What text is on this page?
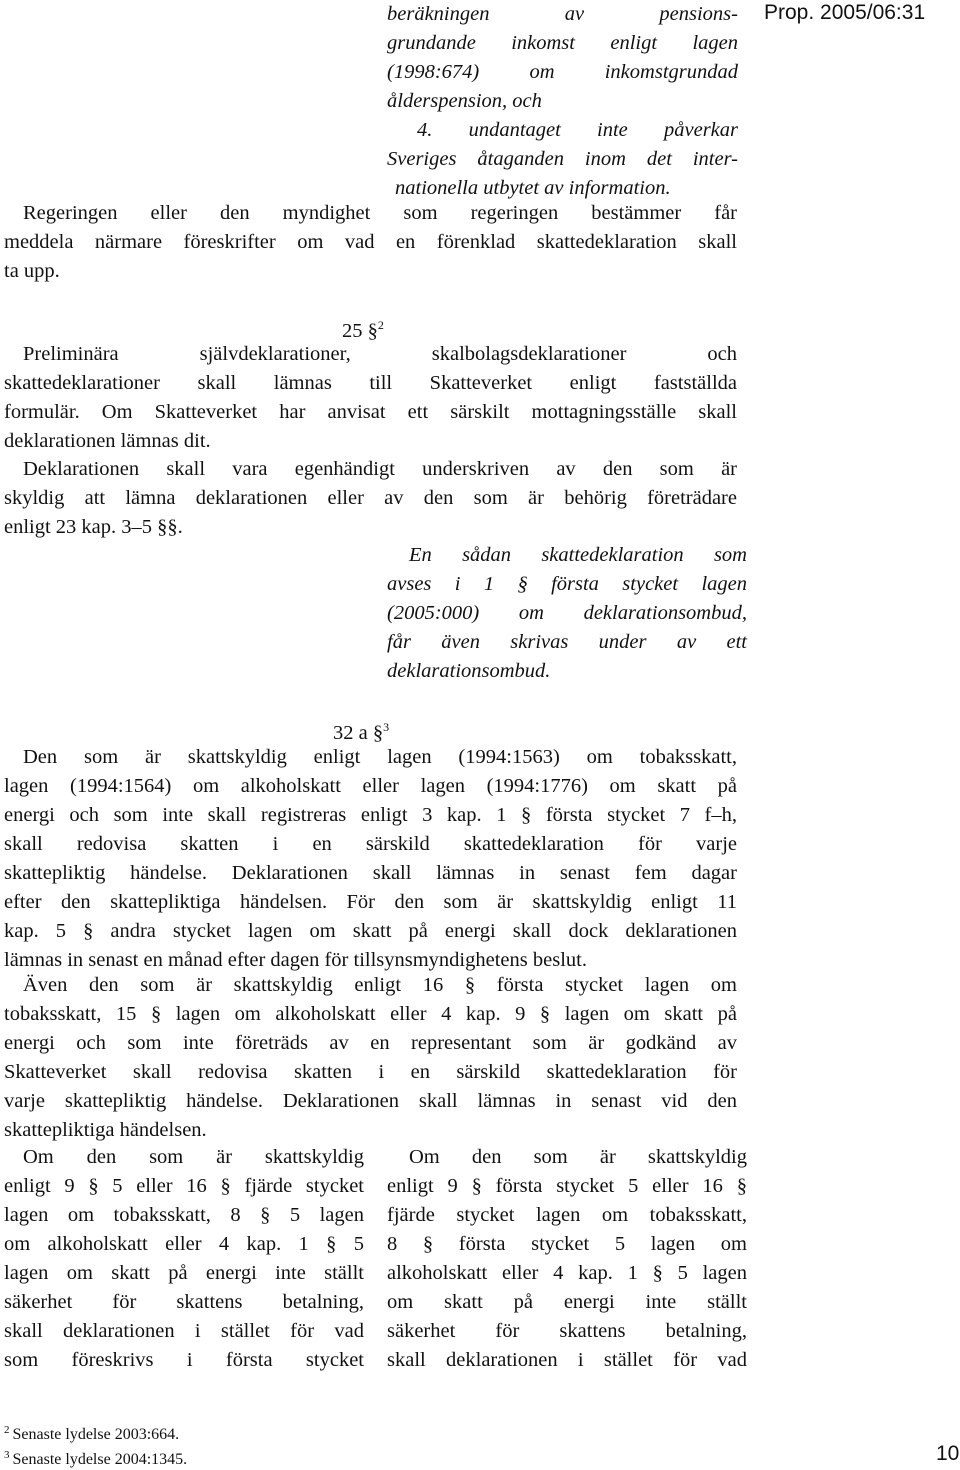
Prop. 2005/06:31
beräkningen av pensions-
grundande inkomst enligt lagen
(1998:674) om inkomstgrundad
ålderspension, och
4. undantaget inte påverkar
Sveriges åtaganden inom det inter-
nationella utbytet av information.
Regeringen eller den myndighet som regeringen bestämmer får
meddela närmare föreskrifter om vad en förenklad skattedeklaration skall
ta upp.
25 §$^2$
Preliminära självdeklarationer, skalbolagsdeklarationer och
skattedeklarationer skall lämnas till Skatteverket enligt fastställda
formulär. Om Skatteverket har anvisat ett särskilt mottagningsställe skall
deklarationen lämnas dit.
Deklarationen skall vara egenhändigt underskriven av den som är
skyldig att lämna deklarationen eller av den som är behörig företrädare
enligt 23 kap. 3–5 §§.
En sådan skattedeklaration som
avses i 1 § första stycket lagen
(2005:000) om deklarationsombud,
får även skrivas under av ett
deklarationsombud.
32 a §$^3$
Den som är skattskyldig enligt lagen (1994:1563) om tobaksskatt,
lagen (1994:1564) om alkoholskatt eller lagen (1994:1776) om skatt på
energi och som inte skall registreras enligt 3 kap. 1 § första stycket 7 f–h,
skall redovisa skatten i en särskild skattedeklaration för varje
skattepliktig händelse. Deklarationen skall lämnas in senast fem dagar
efter den skattepliktiga händelsen. För den som är skattskyldig enligt 11
kap. 5 § andra stycket lagen om skatt på energi skall dock deklarationen
lämnas in senast en månad efter dagen för tillsynsmyndighetens beslut.
Även den som är skattskyldig enligt 16 § första stycket lagen om
tobaksskatt, 15 § lagen om alkoholskatt eller 4 kap. 9 § lagen om skatt på
energi och som inte företräds av en representant som är godkänd av
Skatteverket skall redovisa skatten i en särskild skattedeklaration för
varje skattepliktig händelse. Deklarationen skall lämnas in senast vid den
skattepliktiga händelsen.
Om den som är skattskyldig
enligt 9 § 5 eller 16 § fjärde stycket
lagen om tobaksskatt, 8 § 5 lagen
om alkoholskatt eller 4 kap. 1 § 5
lagen om skatt på energi inte ställt
säkerhet för skattens betalning,
skall deklarationen i stället för vad
som föreskrivs i första stycket
Om den som är skattskyldig
enligt 9 § första stycket 5 eller 16 §
fjärde stycket lagen om tobaksskatt,
8 § första stycket 5 lagen om
alkoholskatt eller 4 kap. 1 § 5 lagen
om skatt på energi inte ställt
säkerhet för skattens betalning,
skall deklarationen i stället för vad
$^2$ Senaste lydelse 2003:664.
$^3$ Senaste lydelse 2004:1345.	10
